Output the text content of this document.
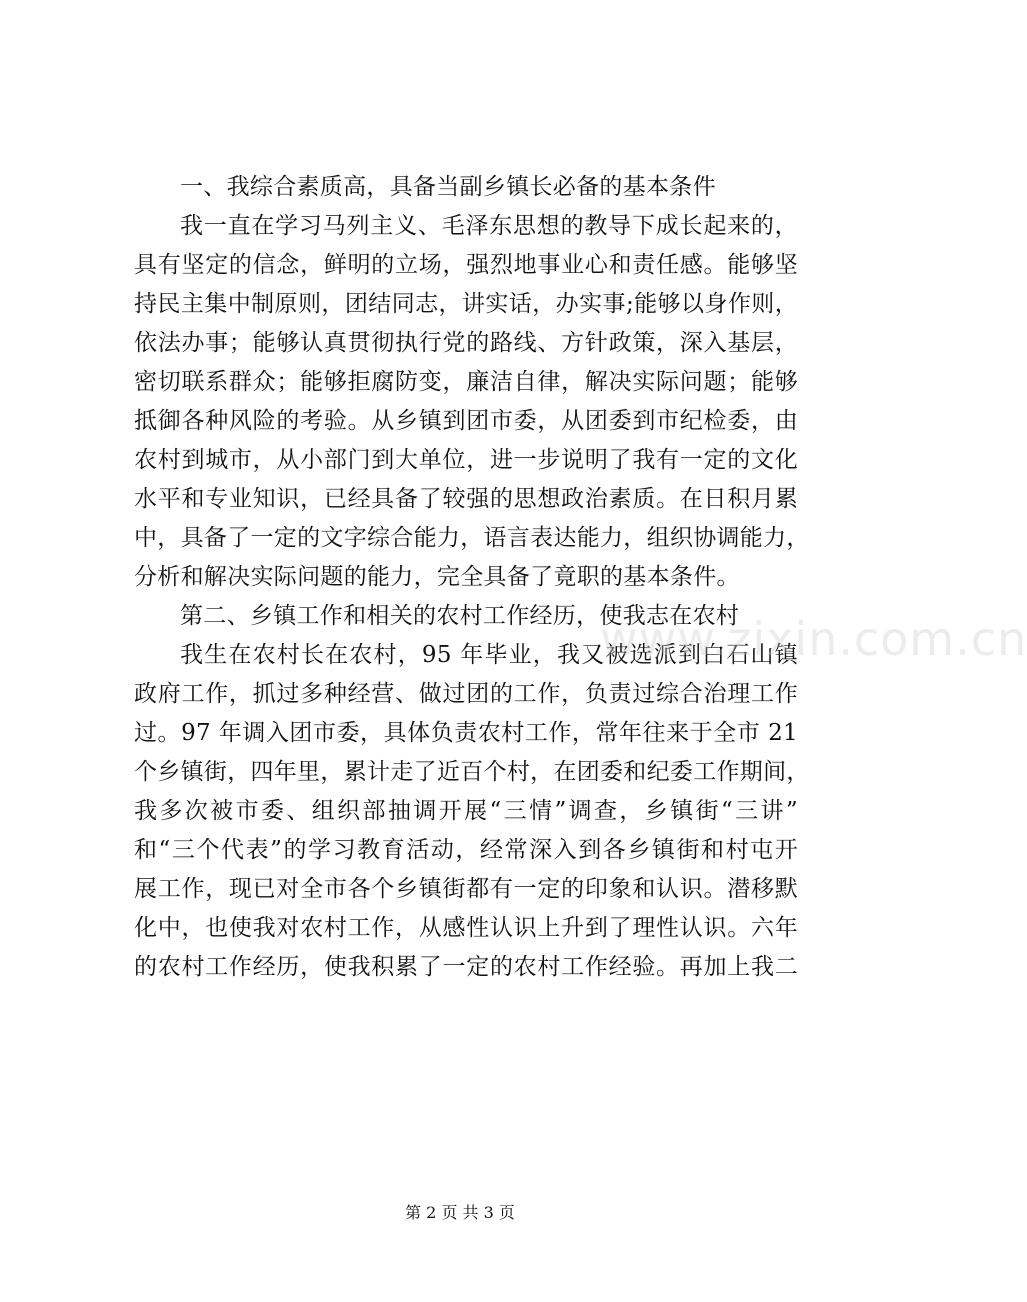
一、我综合素质高，具备当副乡镇长必备的基本条件
我一直在学习马列主义、毛泽东思想的教导下成长起来的，
具有坚定的信念，鲜明的立场，强烈地事业心和责任感。能够坚
持民主集中制原则，团结同志，讲实话，办实事;能够以身作则，
依法办事；能够认真贯彻执行党的路线、方针政策，深入基层，
密切联系群众；能够拒腐防变，廉洁自律，解决实际问题；能够
抵御各种风险的考验。从乡镇到团市委，从团委到市纪检委，由
农村到城市，从小部门到大单位，进一步说明了我有一定的文化
水平和专业知识，已经具备了较强的思想政治素质。在日积月累
中，具备了一定的文字综合能力，语言表达能力，组织协调能力，
分析和解决实际问题的能力，完全具备了竟职的基本条件。
第二、乡镇工作和相关的农村工作经历，使我志在农村
我生在农村长在农村，95 年毕业，我又被选派到白石山镇
政府工作，抓过多种经营、做过团的工作，负责过综合治理工作
过。97 年调入团市委，具体负责农村工作，常年往来于全市 21
个乡镇街，四年里，累计走了近百个村，在团委和纪委工作期间，
我多次被市委、组织部抽调开展“三情”调查，乡镇街“三讲”
和“三个代表”的学习教育活动，经常深入到各乡镇街和村屯开
展工作，现已对全市各个乡镇街都有一定的印象和认识。潜移默
化中，也使我对农村工作，从感性认识上升到了理性认识。六年
的农村工作经历，使我积累了一定的农村工作经验。再加上我二
www.zixin.com.cn
第 2 页 共 3 页
